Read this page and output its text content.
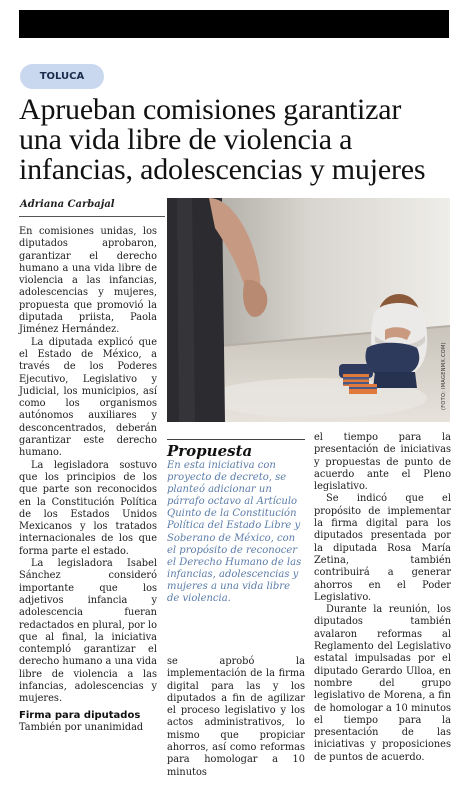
TOLUCA
Aprueban comisiones garantizar una vida libre de violencia a infancias, adolescencias y mujeres
Adriana Carbajal
(FOTO: IMAGENMX.COM)

En comisiones unidas, los diputados aprobaron, garantizar el derecho humano a una vida libre de violencia a las infancias, adolescencias y mujeres, propuesta que promovió la diputada priista, Paola Jiménez Hernández.

La diputada explicó que el Estado de México, a través de los Poderes Ejecutivo, Legislativo y Judicial, los municipios, así como los organismos autónomos auxiliares y desconcentrados, deberán garantizar este derecho humano.

La legisladora sostuvo que los principios de los que parte son reconocidos en la Constitución Política de los Estados Unidos Mexicanos y los tratados internacionales de los que forma parte el estado.

La legisladora Isabel Sánchez consideró importante que los adjetivos infancia y adolescencia fueran redactados en plural, por lo que al final, la iniciativa contempló garantizar el derecho humano a una vida libre de violencia a las infancias, adolescencias y mujeres.

Firma para diputados

También por unanimidad

Propuesta

En esta iniciativa con proyecto de decreto, se planteó adicionar un párrafo octavo al Artículo Quinto de la Constitución Política del Estado Libre y Soberano de México, con el propósito de reconocer el Derecho Humano de las infancias, adolescencias y mujeres a una vida libre de violencia.

se aprobó la implementación de la firma digital para las y los diputados a fin de agilizar el proceso legislativo y los actos administrativos, lo mismo que propiciar ahorros, así como reformas para homologar a 10 minutos

el tiempo para la presentación de iniciativas y propuestas de punto de acuerdo ante el Pleno legislativo.

Se indicó que el propósito de implementar la firma digital para los diputados presentada por la diputada Rosa María Zetina, también contribuirá a generar ahorros en el Poder Legislativo.

Durante la reunión, los diputados también avalaron reformas al Reglamento del Legislativo estatal impulsadas por el diputado Gerardo Ulloa, en nombre del grupo legislativo de Morena, a fin de homologar a 10 minutos el tiempo para la presentación de las iniciativas y proposiciones de puntos de acuerdo.
